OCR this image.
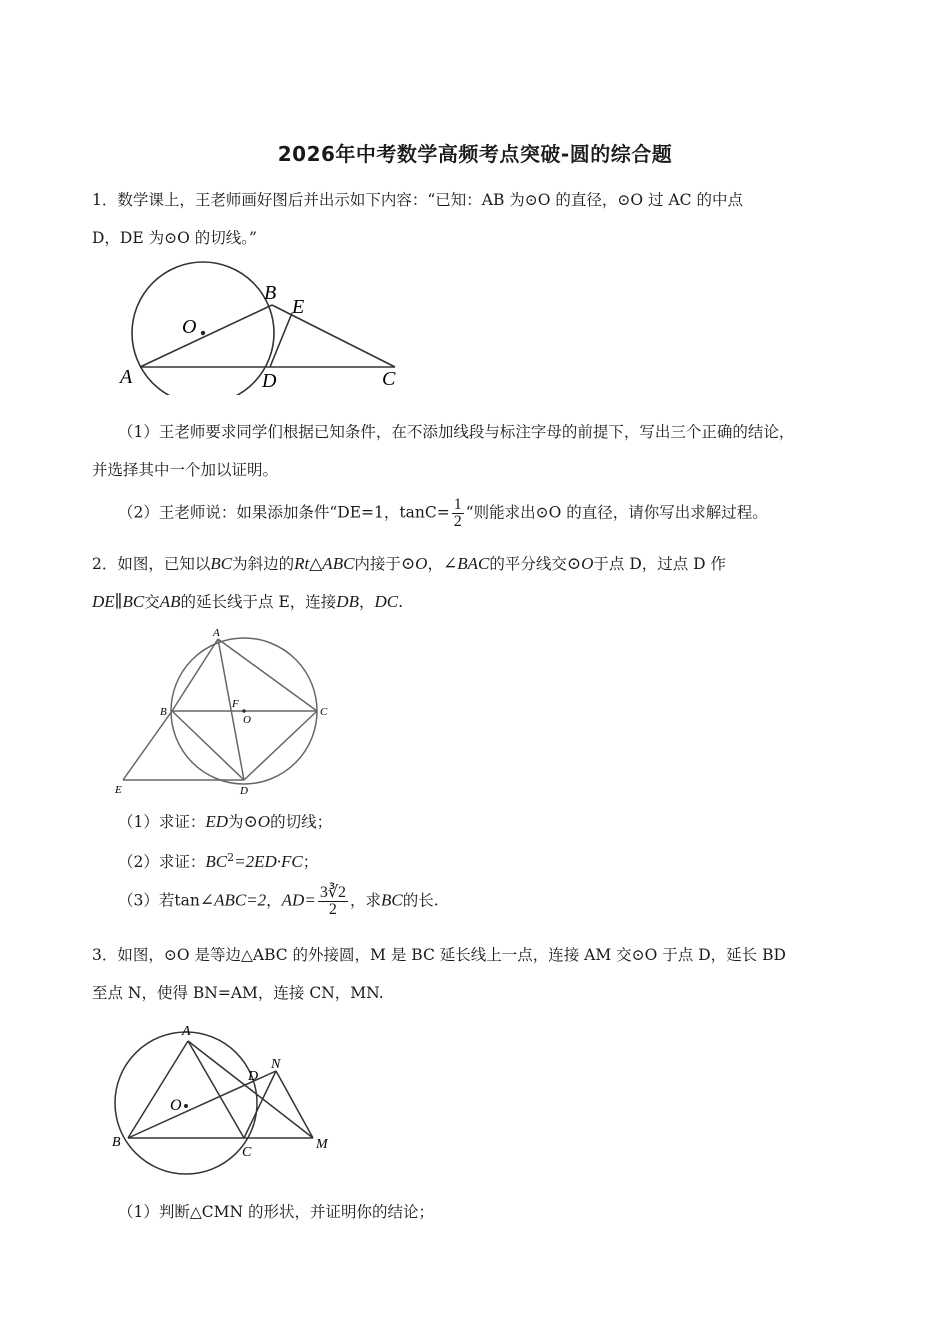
2026年中考数学高频考点突破-圆的综合题
1．数学课上，王老师画好图后并出示如下内容：“已知：AB 为⊙O 的直径，⊙O 过 AC 的中点
D，DE 为⊙O 的切线。”
O
A
B
E
D	C
（1）王老师要求同学们根据已知条件，在不添加线段与标注字母的前提下，写出三个正确的结论，
并选择其中一个加以证明。
（2）王老师说：如果添加条件“DE=1，$\tan C= \frac{1}{2}$ “则能求出⊙O 的直径，请你写出求解过程。
2．如图，已知以BC为斜边的Rt△ABC内接于⊙O，∠BAC的平分线交⊙O于点 D，过点 D 作
DE∥BC交AB的延长线于点 E，连接DB，DC.
A
B
F
O
C
E	D
（1）求证：ED为⊙O的切线；
（2）求证：$BC^2=2ED\cdot FC$；
（3）若tan∠ABC=2，$AD= \frac{3∛2}{2}$ ，求BC的长.
3．如图，⊙O 是等边△ABC 的外接圆，M 是 BC 延长线上一点，连接 AM 交⊙O 于点 D，延长 BD
至点 N，使得 BN=AM，连接 CN，MN.
A
O
D
N
B
C
M
（1）判断△CMN 的形状，并证明你的结论；
